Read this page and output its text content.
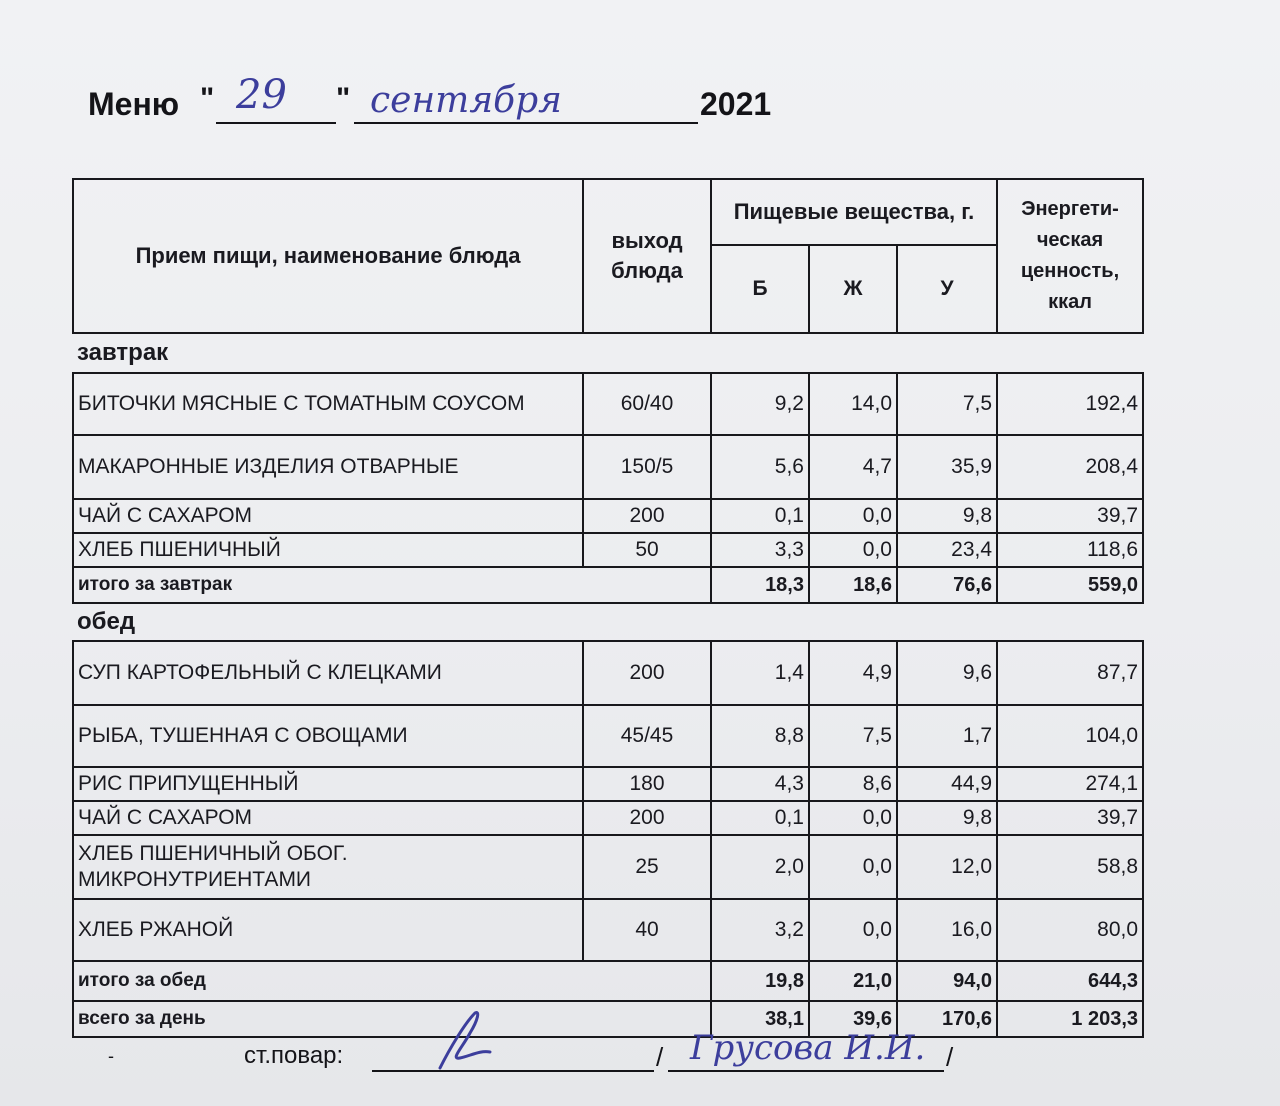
Меню " 29 " сентября	2021
Прием пищи, наименование блюда	выход блюда	Пищевые вещества, г.			Энергети-ческая ценность, ккал
		Б	Ж	У	
завтрак					
БИТОЧКИ МЯСНЫЕ С ТОМАТНЫМ СОУСОМ	60/40	9,2	14,0	7,5	192,4
МАКАРОННЫЕ ИЗДЕЛИЯ ОТВАРНЫЕ	150/5	5,6	4,7	35,9	208,4
ЧАЙ С САХАРОМ	200	0,1	0,0	9,8	39,7
ХЛЕБ ПШЕНИЧНЫЙ	50	3,3	0,0	23,4	118,6
итого за завтрак		18,3	18,6	76,6	559,0
обед					
СУП КАРТОФЕЛЬНЫЙ С КЛЕЦКАМИ	200	1,4	4,9	9,6	87,7
РЫБА, ТУШЕННАЯ С ОВОЩАМИ	45/45	8,8	7,5	1,7	104,0
РИС ПРИПУЩЕННЫЙ	180	4,3	8,6	44,9	274,1
ЧАЙ С САХАРОМ	200	0,1	0,0	9,8	39,7
ХЛЕБ ПШЕНИЧНЫЙ ОБОГ. МИКРОНУТРИЕНТАМИ	25	2,0	0,0	12,0	58,8
ХЛЕБ РЖАНОЙ	40	3,2	0,0	16,0	80,0
итого за обед		19,8	21,0	94,0	644,3
всего за день		38,1	39,6	170,6	1 203,3
-	ст.повар:	/ Грусова И.И. /
